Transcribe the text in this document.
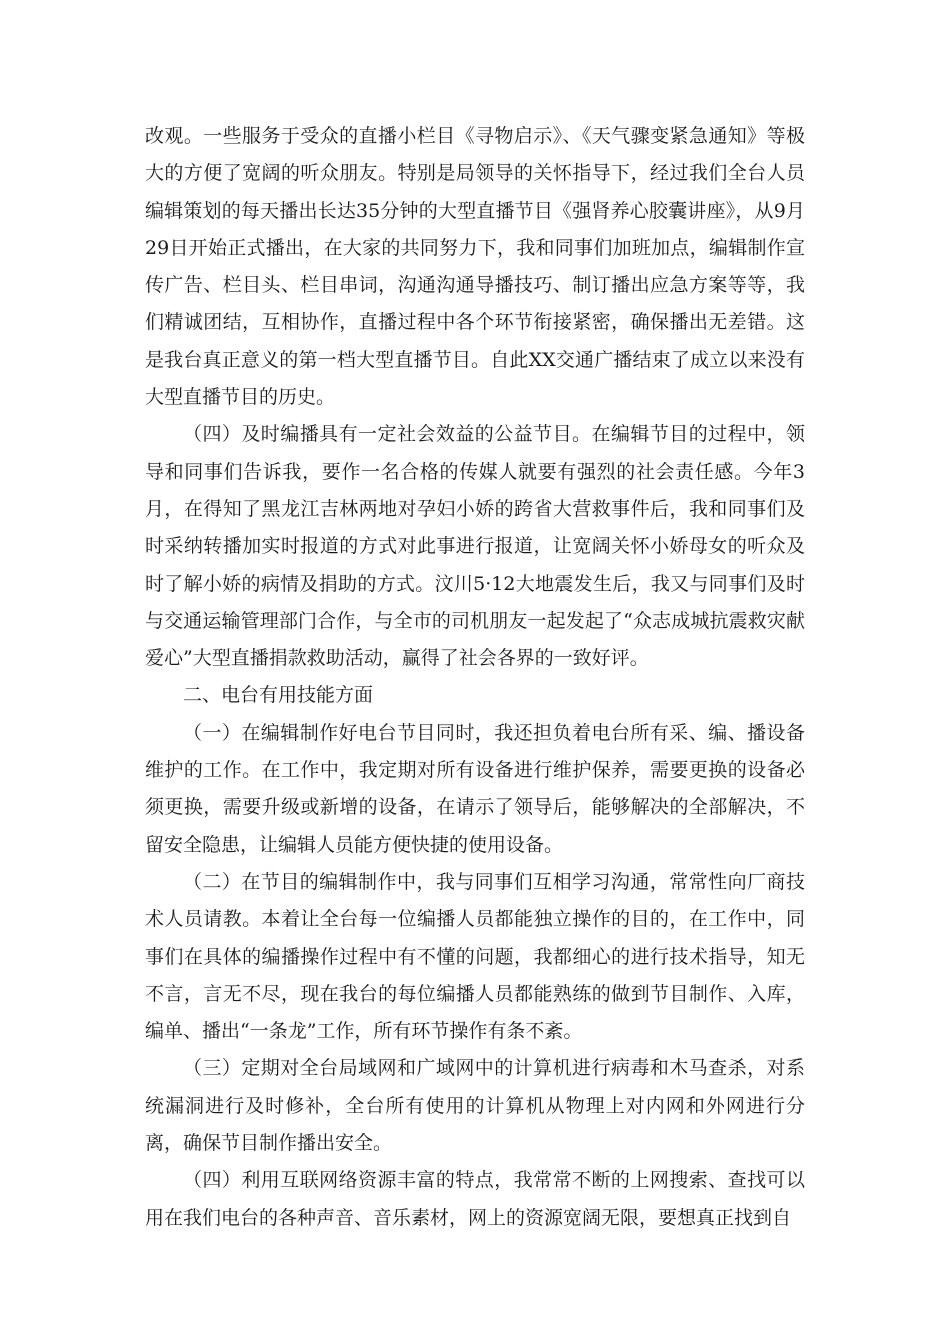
改观。一些服务于受众的直播小栏目《寻物启示》、《天气骤变紧急通知》等极大的方便了宽阔的听众朋友。特别是局领导的关怀指导下，经过我们全台人员编辑策划的每天播出长达35分钟的大型直播节目《强肾养心胶囊讲座》，从9月29日开始正式播出，在大家的共同努力下，我和同事们加班加点，编辑制作宣传广告、栏目头、栏目串词，沟通沟通导播技巧、制订播出应急方案等等，我们精诚团结，互相协作，直播过程中各个环节衔接紧密，确保播出无差错。这是我台真正意义的第一档大型直播节目。自此XX交通广播结束了成立以来没有大型直播节目的历史。

（四）及时编播具有一定社会效益的公益节目。在编辑节目的过程中，领导和同事们告诉我，要作一名合格的传媒人就要有强烈的社会责任感。今年3月，在得知了黑龙江吉林两地对孕妇小娇的跨省大营救事件后，我和同事们及时采纳转播加实时报道的方式对此事进行报道，让宽阔关怀小娇母女的听众及时了解小娇的病情及捐助的方式。汶川5·12大地震发生后，我又与同事们及时与交通运输管理部门合作，与全市的司机朋友一起发起了“众志成城抗震救灾献爱心”大型直播捐款救助活动，赢得了社会各界的一致好评。

二、电台有用技能方面

（一）在编辑制作好电台节目同时，我还担负着电台所有采、编、播设备维护的工作。在工作中，我定期对所有设备进行维护保养，需要更换的设备必须更换，需要升级或新增的设备，在请示了领导后，能够解决的全部解决，不留安全隐患，让编辑人员能方便快捷的使用设备。

（二）在节目的编辑制作中，我与同事们互相学习沟通，常常性向厂商技术人员请教。本着让全台每一位编播人员都能独立操作的目的，在工作中，同事们在具体的编播操作过程中有不懂的问题，我都细心的进行技术指导，知无不言，言无不尽，现在我台的每位编播人员都能熟练的做到节目制作、入库，编单、播出“一条龙”工作，所有环节操作有条不紊。

（三）定期对全台局域网和广域网中的计算机进行病毒和木马查杀，对系统漏洞进行及时修补，全台所有使用的计算机从物理上对内网和外网进行分离，确保节目制作播出安全。

（四）利用互联网络资源丰富的特点，我常常不断的上网搜索、查找可以用在我们电台的各种声音、音乐素材，网上的资源宽阔无限，要想真正找到自
